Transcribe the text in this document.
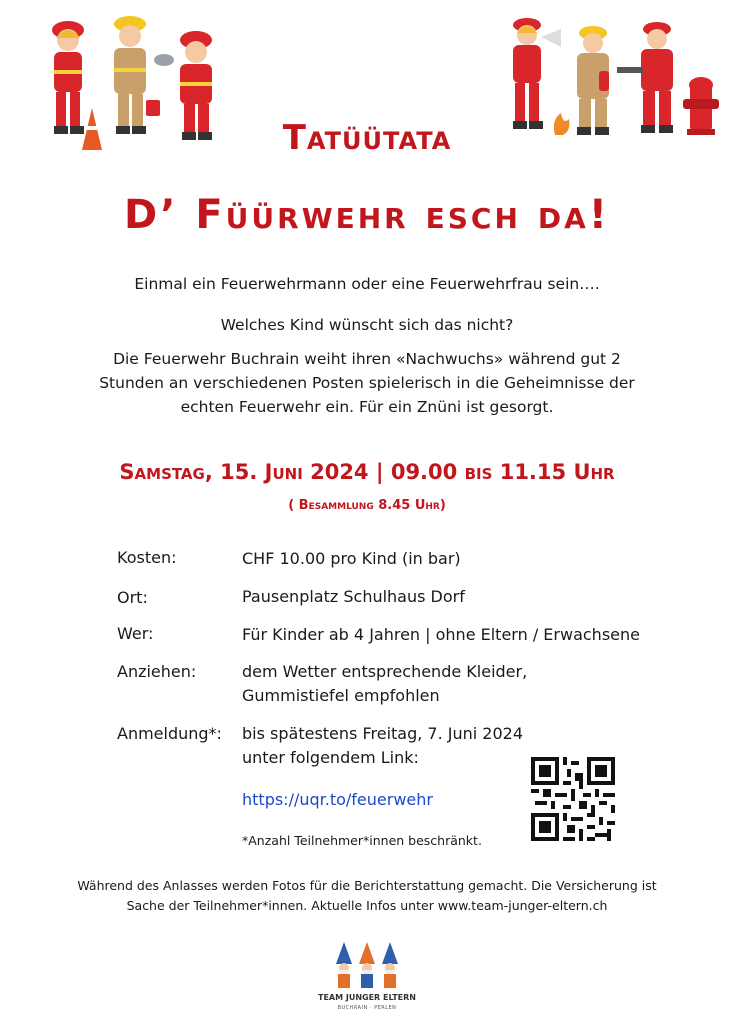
Tatüütata
D’ Füürwehr esch da!
Einmal ein Feuerwehrmann oder eine Feuerwehrfrau sein….
Welches Kind wünscht sich das nicht?
Die Feuerwehr Buchrain weiht ihren «Nachwuchs» während gut 2
Stunden an verschiedenen Posten spielerisch in die Geheimnisse der
echten Feuerwehr ein. Für ein Znüni ist gesorgt.
Samstag, 15. Juni 2024 | 09.00 bis 11.15 Uhr
( Besammlung 8.45 Uhr)
Kosten:	CHF 10.00 pro Kind (in bar)
Ort:	Pausenplatz Schulhaus Dorf
Wer:	Für Kinder ab 4 Jahren | ohne Eltern / Erwachsene
Anziehen:	dem Wetter entsprechende Kleider,
Gummistiefel empfohlen
Anmeldung*: bis spätestens Freitag, 7. Juni 2024
unter folgendem Link:
https://uqr.to/feuerwehr
*Anzahl Teilnehmer*innen beschränkt.
Während des Anlasses werden Fotos für die Berichterstattung gemacht. Die Versicherung ist
Sache der Teilnehmer*innen. Aktuelle Infos unter www.team-junger-eltern.ch
TEAM JUNGER ELTERN
BUCHRAIN · PERLEN
